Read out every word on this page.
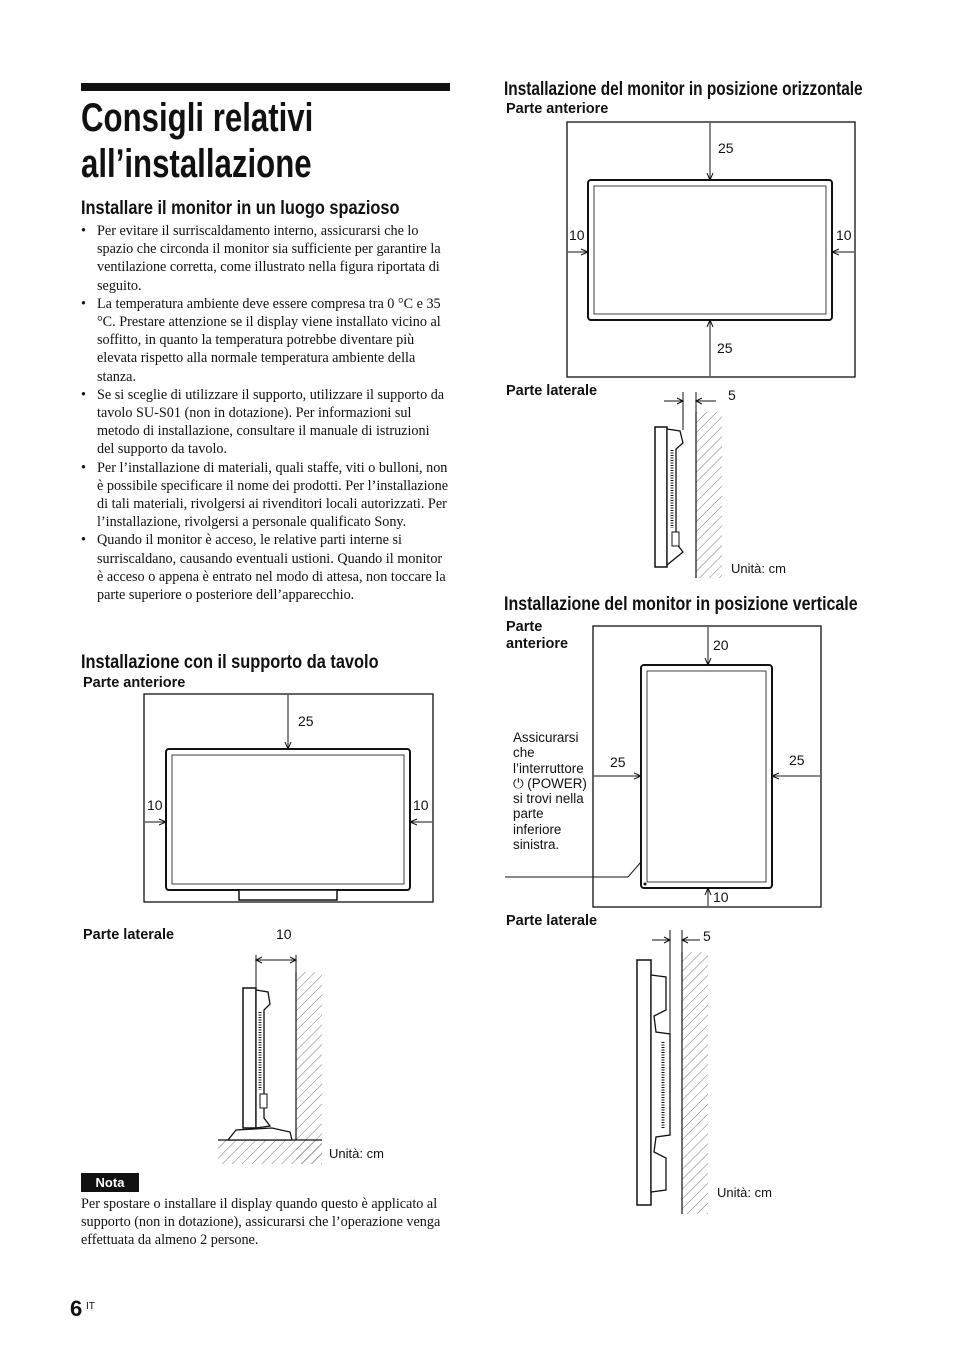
Consigli relativi
all’installazione
Installare il monitor in un luogo spazioso
• Per evitare il surriscaldamento interno, assicurarsi che lo spazio che circonda il monitor sia sufficiente per garantire la ventilazione corretta, come illustrato nella figura riportata di seguito.
• La temperatura ambiente deve essere compresa tra 0 °C e 35 °C. Prestare attenzione se il display viene installato vicino al soffitto, in quanto la temperatura potrebbe diventare più elevata rispetto alla normale temperatura ambiente della stanza.
• Se si sceglie di utilizzare il supporto, utilizzare il supporto da tavolo SU-S01 (non in dotazione). Per informazioni sul metodo di installazione, consultare il manuale di istruzioni del supporto da tavolo.
• Per l’installazione di materiali, quali staffe, viti o bulloni, non è possibile specificare il nome dei prodotti. Per l’installazione di tali materiali, rivolgersi ai rivenditori locali autorizzati. Per l’installazione, rivolgersi a personale qualificato Sony.
• Quando il monitor è acceso, le relative parti interne si surriscaldano, causando eventuali ustioni. Quando il monitor è acceso o appena è entrato nel modo di attesa, non toccare la parte superiore o posteriore dell’apparecchio.
Installazione con il supporto da tavolo
Parte anteriore
25
10	10
Parte laterale	10
Unità: cm
Nota
Per spostare o installare il display quando questo è applicato al supporto (non in dotazione), assicurarsi che l’operazione venga effettuata da almeno 2 persone.
6 IT
Installazione del monitor in posizione orizzontale
Parte anteriore
25
25
10	10
Parte laterale	5
Unità: cm
Installazione del monitor in posizione verticale
Parte
anteriore	20
10
25	25
Assicurarsi che l’interruttore ⏻ (POWER) si trovi nella parte inferiore sinistra.
Parte laterale
5
Unità: cm
